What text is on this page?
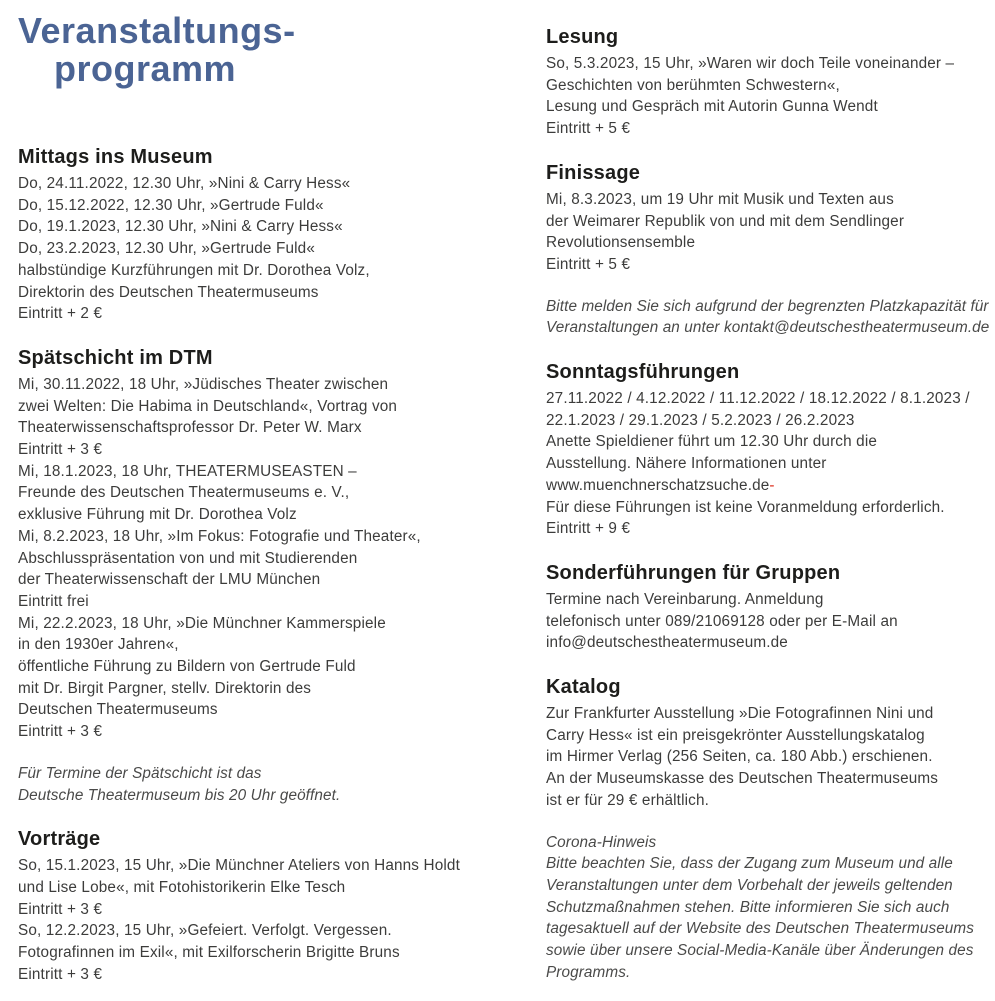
Veranstaltungs-
programm
Mittags ins Museum
Do, 24.11.2022, 12.30 Uhr, »Nini & Carry Hess«
Do, 15.12.2022, 12.30 Uhr, »Gertrude Fuld«
Do, 19.1.2023, 12.30 Uhr, »Nini & Carry Hess«
Do, 23.2.2023, 12.30 Uhr, »Gertrude Fuld«
halbstündige Kurzführungen mit Dr. Dorothea Volz,
Direktorin des Deutschen Theatermuseums
Eintritt + 2 €
Spätschicht im DTM
Mi, 30.11.2022, 18 Uhr, »Jüdisches Theater zwischen
zwei Welten: Die Habima in Deutschland«, Vortrag von
Theaterwissenschaftsprofessor Dr. Peter W. Marx
Eintritt + 3 €
Mi, 18.1.2023, 18 Uhr, THEATERMUSEASTEN –
Freunde des Deutschen Theatermuseums e. V.,
exklusive Führung mit Dr. Dorothea Volz
Mi, 8.2.2023, 18 Uhr, »Im Fokus: Fotografie und Theater«,
Abschlusspräsentation von und mit Studierenden
der Theaterwissenschaft der LMU München
Eintritt frei
Mi, 22.2.2023, 18 Uhr, »Die Münchner Kammerspiele
in den 1930er Jahren«,
öffentliche Führung zu Bildern von Gertrude Fuld
mit Dr. Birgit Pargner, stellv. Direktorin des
Deutschen Theatermuseums
Eintritt + 3 €
Für Termine der Spätschicht ist das
Deutsche Theatermuseum bis 20 Uhr geöffnet.
Vorträge
So, 15.1.2023, 15 Uhr, »Die Münchner Ateliers von Hanns Holdt
und Lise Lobe«, mit Fotohistorikerin Elke Tesch
Eintritt + 3 €
So, 12.2.2023, 15 Uhr, »Gefeiert. Verfolgt. Vergessen.
Fotografinnen im Exil«, mit Exilforscherin Brigitte Bruns
Eintritt + 3 €
Lesung
So, 5.3.2023, 15 Uhr, »Waren wir doch Teile voneinander –
Geschichten von berühmten Schwestern«,
Lesung und Gespräch mit Autorin Gunna Wendt
Eintritt + 5 €
Finissage
Mi, 8.3.2023, um 19 Uhr mit Musik und Texten aus
der Weimarer Republik von und mit dem Sendlinger
Revolutionsensemble
Eintritt + 5 €
Bitte melden Sie sich aufgrund der begrenzten Platzkapazität für
Veranstaltungen an unter kontakt@deutschestheatermuseum.de
Sonntagsführungen
27.11.2022 / 4.12.2022 / 11.12.2022 / 18.12.2022 / 8.1.2023 /
22.1.2023 / 29.1.2023 / 5.2.2023 / 26.2.2023
Anette Spieldiener führt um 12.30 Uhr durch die
Ausstellung. Nähere Informationen unter
www.muenchnerschatzsuche.de-
Für diese Führungen ist keine Voranmeldung erforderlich.
Eintritt + 9 €
Sonderführungen für Gruppen
Termine nach Vereinbarung. Anmeldung
telefonisch unter 089/21069128 oder per E-Mail an
info@deutschestheatermuseum.de
Katalog
Zur Frankfurter Ausstellung »Die Fotografinnen Nini und
Carry Hess« ist ein preisgekrönter Ausstellungskatalog
im Hirmer Verlag (256 Seiten, ca. 180 Abb.) erschienen.
An der Museumskasse des Deutschen Theatermuseums
ist er für 29 € erhältlich.
Corona-Hinweis
Bitte beachten Sie, dass der Zugang zum Museum und alle
Veranstaltungen unter dem Vorbehalt der jeweils geltenden
Schutzmaßnahmen stehen. Bitte informieren Sie sich auch
tagesaktuell auf der Website des Deutschen Theatermuseums
sowie über unsere Social-Media-Kanäle über Änderungen des
Programms.
